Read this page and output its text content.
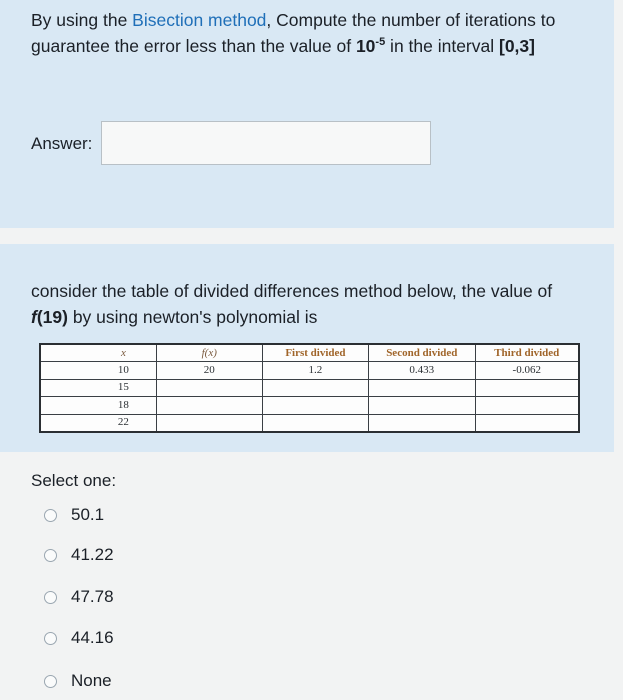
By using the Bisection method, Compute the number of iterations to guarantee the error less than the value of $10^{-5}$ in the interval [0,3]
Answer:
consider the table of divided differences method below, the value of f(19) by using newton's polynomial is
x	f(x)	First divided	Second divided	Third divided
10	20	1.2	0.433	-0.062
15				
18				
22				
Select one:
50.1
41.22
47.78
44.16
None
